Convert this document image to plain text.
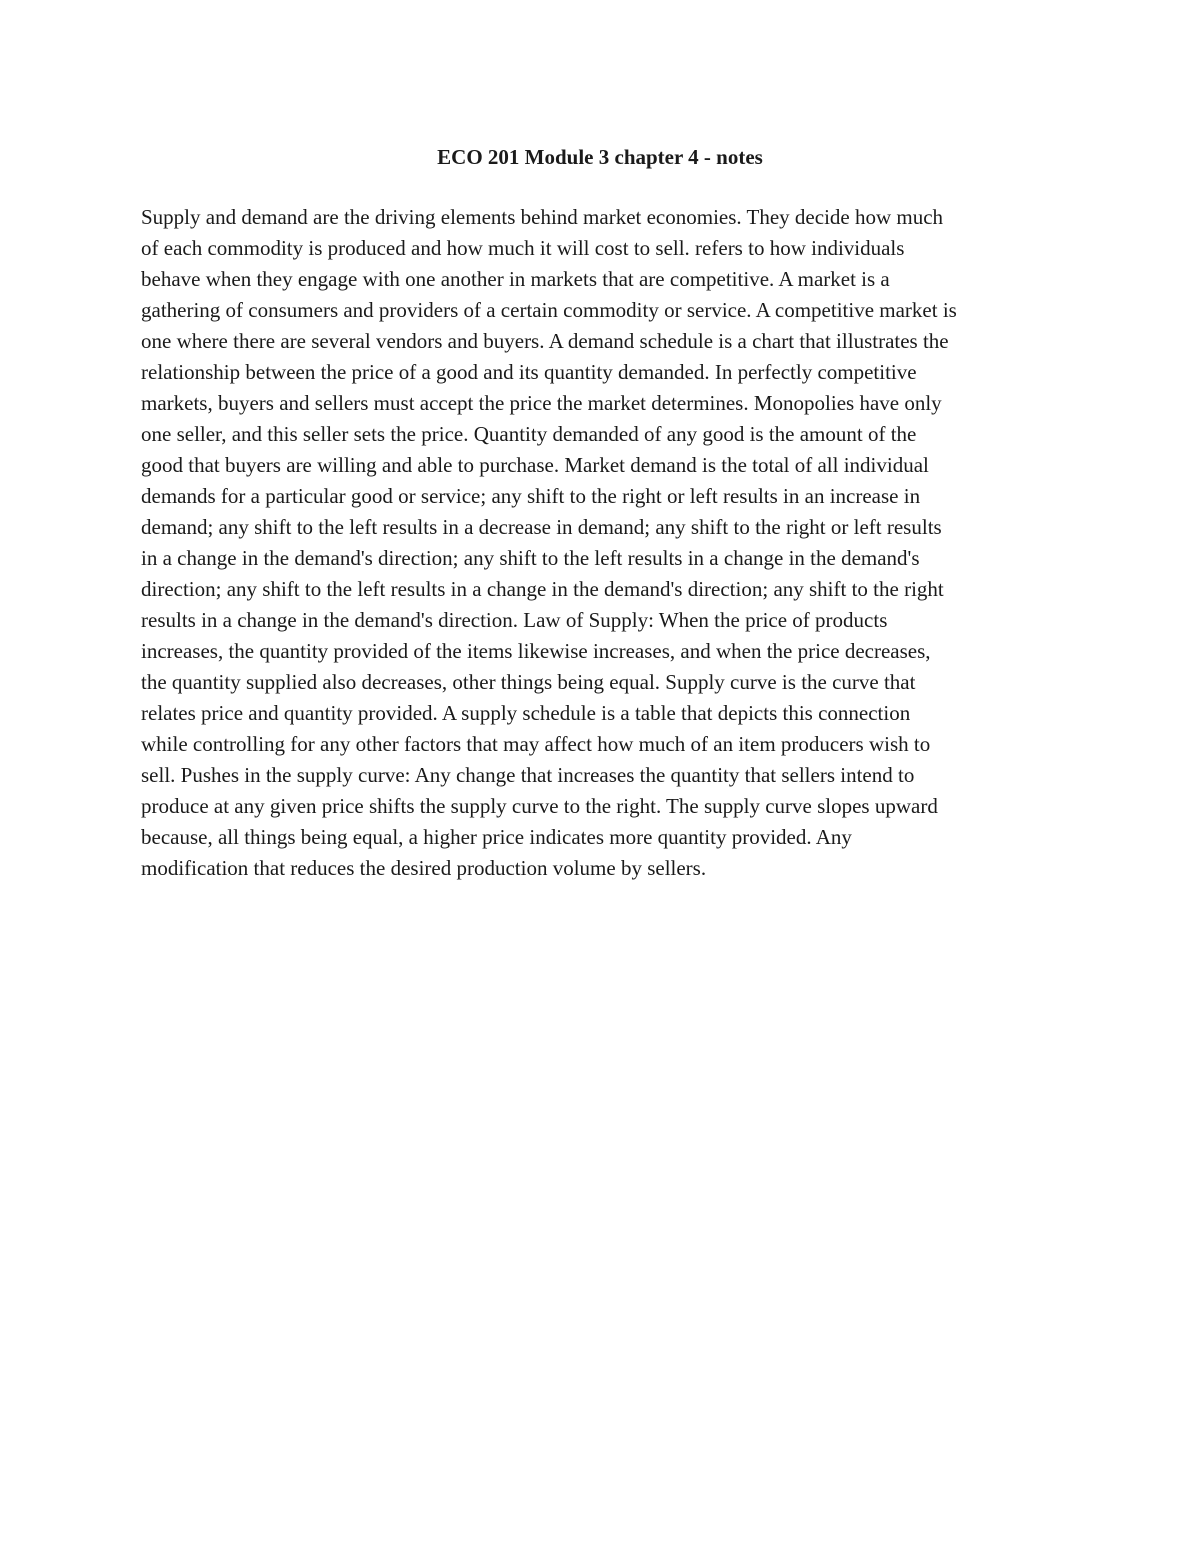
ECO 201 Module 3 chapter 4 - notes

Supply and demand are the driving elements behind market economies. They decide how much
of each commodity is produced and how much it will cost to sell. refers to how individuals
behave when they engage with one another in markets that are competitive. A market is a
gathering of consumers and providers of a certain commodity or service. A competitive market is
one where there are several vendors and buyers. A demand schedule is a chart that illustrates the
relationship between the price of a good and its quantity demanded. In perfectly competitive
markets, buyers and sellers must accept the price the market determines. Monopolies have only
one seller, and this seller sets the price. Quantity demanded of any good is the amount of the
good that buyers are willing and able to purchase. Market demand is the total of all individual
demands for a particular good or service; any shift to the right or left results in an increase in
demand; any shift to the left results in a decrease in demand; any shift to the right or left results
in a change in the demand's direction; any shift to the left results in a change in the demand's
direction; any shift to the left results in a change in the demand's direction; any shift to the right
results in a change in the demand's direction. Law of Supply: When the price of products
increases, the quantity provided of the items likewise increases, and when the price decreases,
the quantity supplied also decreases, other things being equal. Supply curve is the curve that
relates price and quantity provided. A supply schedule is a table that depicts this connection
while controlling for any other factors that may affect how much of an item producers wish to
sell. Pushes in the supply curve: Any change that increases the quantity that sellers intend to
produce at any given price shifts the supply curve to the right. The supply curve slopes upward
because, all things being equal, a higher price indicates more quantity provided. Any
modification that reduces the desired production volume by sellers.
